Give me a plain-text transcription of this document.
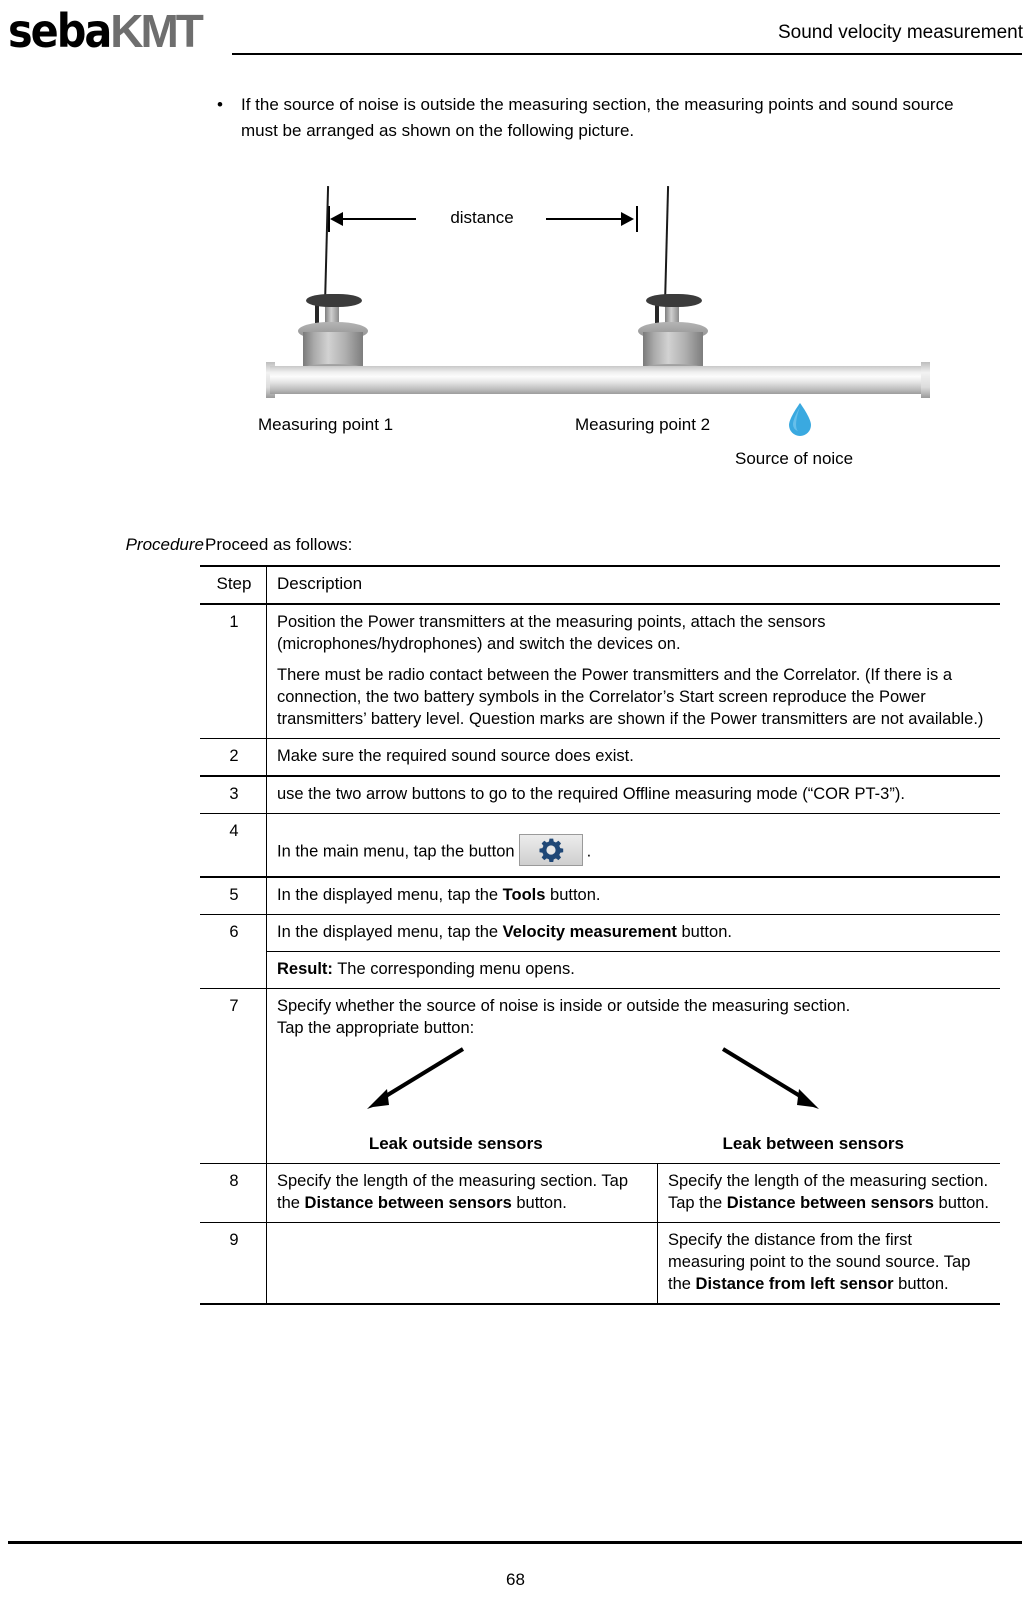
sebaKMT	Sound velocity measurement
•	If the source of noise is outside the measuring section, the measuring points and sound source must be arranged as shown on the following picture.
distance
Measuring point 1	Measuring point 2
Source of noice
Procedure Proceed as follows:
Step	Description	
1	Position the Power transmitters at the measuring points, attach the sensors (microphones/hydrophones) and switch the devices on.
There must be radio contact between the Power transmitters and the Correlator. (If there is a connection, the two battery symbols in the Correlator’s Start screen reproduce the Power transmitters’ battery level. Question marks are shown if the Power transmitters are not available.)	

2	Make sure the required sound source does exist.	
3	use the two arrow buttons to go to the required Offline measuring mode (“COR PT-3”).	
4	In the main menu, tap the button .	
5	In the displayed menu, tap the Tools button.	
6	In the displayed menu, tap the Velocity measurement button.	
	Result: The corresponding menu opens.	
7	Specify whether the source of noise is inside or outside the measuring section.
Tap the appropriate button:
Leak outside sensors Leak between sensors	

8	Specify the length of the measuring section. Tap the Distance between sensors button.	Specify the length of the measuring section. Tap the Distance between sensors button.
9		Specify the distance from the first measuring point to the sound source. Tap the Distance from left sensor button.
68
